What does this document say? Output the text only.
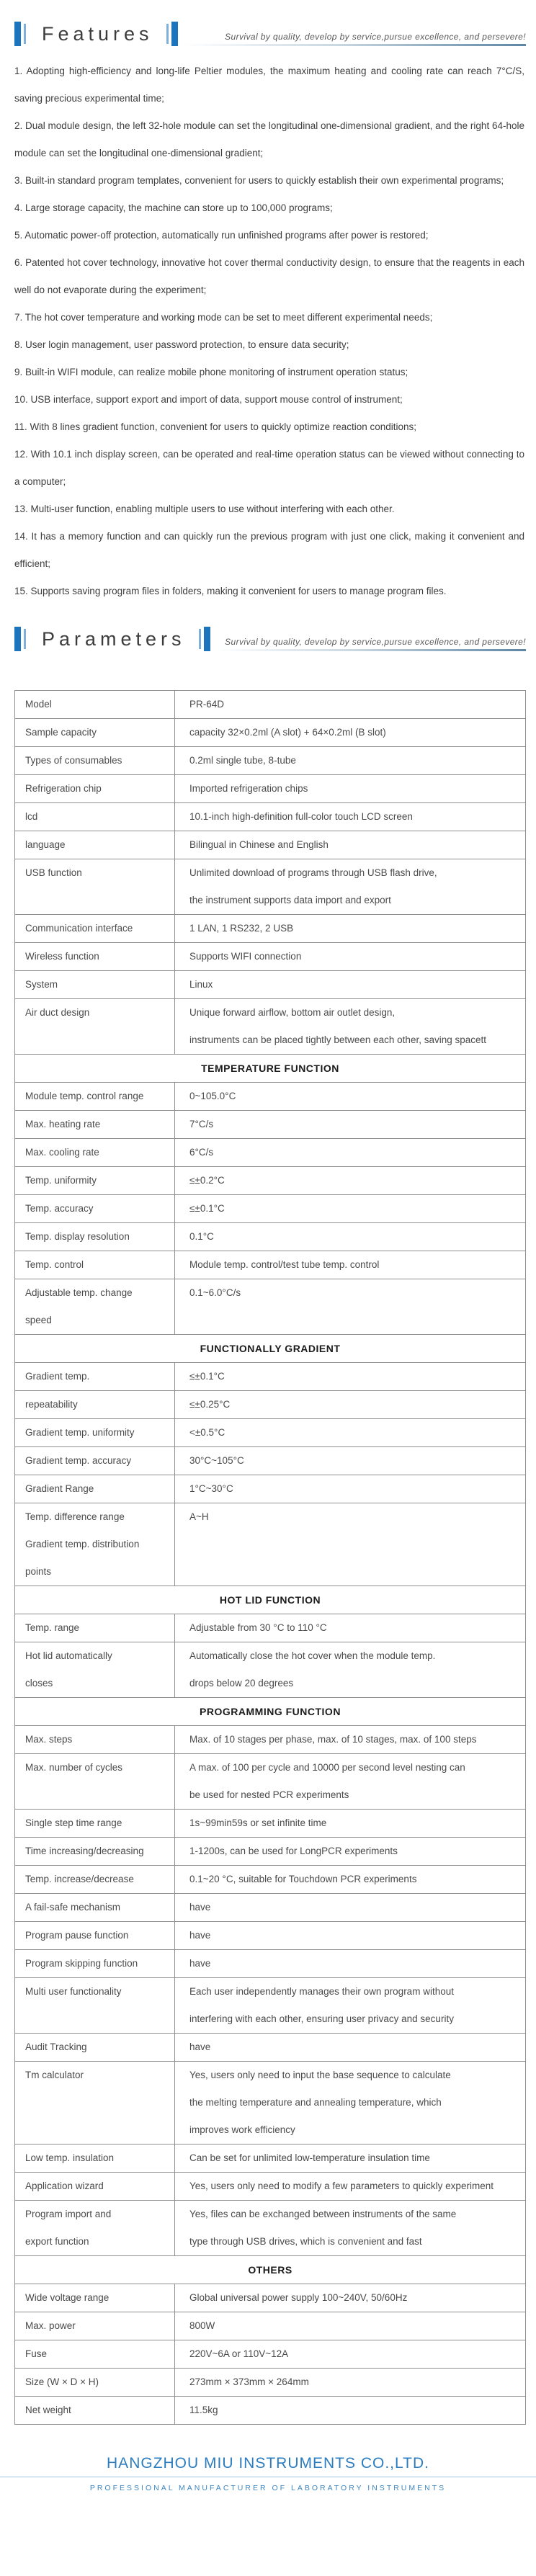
Features	Survival by quality, develop by service,pursue excellence, and persevere!
1. Adopting high-efficiency and long-life Peltier modules, the maximum heating and cooling rate can reach 7°C/S, saving precious experimental time;
2. Dual module design, the left 32-hole module can set the longitudinal one-dimensional gradient, and the right 64-hole module can set the longitudinal one-dimensional gradient;
3. Built-in standard program templates, convenient for users to quickly establish their own experimental programs;
4. Large storage capacity, the machine can store up to 100,000 programs;
5. Automatic power-off protection, automatically run unfinished programs after power is restored;
6. Patented hot cover technology, innovative hot cover thermal conductivity design, to ensure that the reagents in each well do not evaporate during the experiment;
7. The hot cover temperature and working mode can be set to meet different experimental needs;
8. User login management, user password protection, to ensure data security;
9. Built-in WIFI module, can realize mobile phone monitoring of instrument operation status;
10. USB interface, support export and import of data, support mouse control of instrument;
11. With 8 lines gradient function, convenient for users to quickly optimize reaction conditions;
12. With 10.1 inch display screen, can be operated and real-time operation status can be viewed without connecting to a computer;
13. Multi-user function, enabling multiple users to use without interfering with each other.
14. It has a memory function and can quickly run the previous program with just one click, making it convenient and efficient;
15. Supports saving program files in folders, making it convenient for users to manage program files.
Parameters	Survival by quality, develop by service,pursue excellence, and persevere!
Model	PR-64D

Sample capacity	capacity 32×0.2ml (A slot) + 64×0.2ml (B slot)

Types of consumables	0.2ml single tube, 8-tube

Refrigeration chip	Imported refrigeration chips

lcd	10.1-inch high-definition full-color touch LCD screen

language	Bilingual in Chinese and English

USB function	Unlimited download of programs through USB flash drive,
the instrument supports data import and export

Communication interface	1 LAN, 1 RS232, 2 USB

Wireless function	Supports WIFI connection

System	Linux

Air duct design	Unique forward airflow, bottom air outlet design,
instruments can be placed tightly between each other, saving spacett

TEMPERATURE FUNCTION	

Module temp. control range	0~105.0°C

Max. heating rate	7°C/s

Max. cooling rate	6°C/s

Temp. uniformity	≤±0.2°C

Temp. accuracy	≤±0.1°C

Temp. display resolution	0.1°C

Temp. control	Module temp. control/test tube temp. control

Adjustable temp. change
speed	0.1~6.0°C/s

FUNCTIONALLY GRADIENT	

Gradient temp.	≤±0.1°C

repeatability	≤±0.25°C

Gradient temp. uniformity	<±0.5°C

Gradient temp. accuracy	30°C~105°C

Gradient Range	1°C~30°C

Temp. difference range
Gradient temp. distribution
points	A~H

HOT LID FUNCTION	

Temp. range	Adjustable from 30 °C to 110 °C

Hot lid automatically
closes	Automatically close the hot cover when the module temp.
drops below 20 degrees

PROGRAMMING FUNCTION	

Max. steps	Max. of 10 stages per phase, max. of 10 stages, max. of 100 steps

Max. number of cycles	A max. of 100 per cycle and 10000 per second level nesting can
be used for nested PCR experiments

Single step time range	1s~99min59s or set infinite time

Time increasing/decreasing	1-1200s, can be used for LongPCR experiments

Temp. increase/decrease	0.1~20 °C, suitable for Touchdown PCR experiments

A fail-safe mechanism	have

Program pause function	have

Program skipping function	have

Multi user functionality	Each user independently manages their own program without
interfering with each other, ensuring user privacy and security

Audit Tracking	have

Tm calculator	Yes, users only need to input the base sequence to calculate
the melting temperature and annealing temperature, which
improves work efficiency

Low temp. insulation	Can be set for unlimited low-temperature insulation time

Application wizard	Yes, users only need to modify a few parameters to quickly experiment

Program import and
export function	Yes, files can be exchanged between instruments of the same
type through USB drives, which is convenient and fast

OTHERS	

Wide voltage range	Global universal power supply 100~240V, 50/60Hz

Max. power	800W

Fuse	220V~6A or 110V~12A

Size (W × D × H)	273mm × 373mm × 264mm

Net weight	11.5kg
HANGZHOU MIU INSTRUMENTS CO.,LTD.
PROFESSIONAL MANUFACTURER OF LABORATORY INSTRUMENTS
